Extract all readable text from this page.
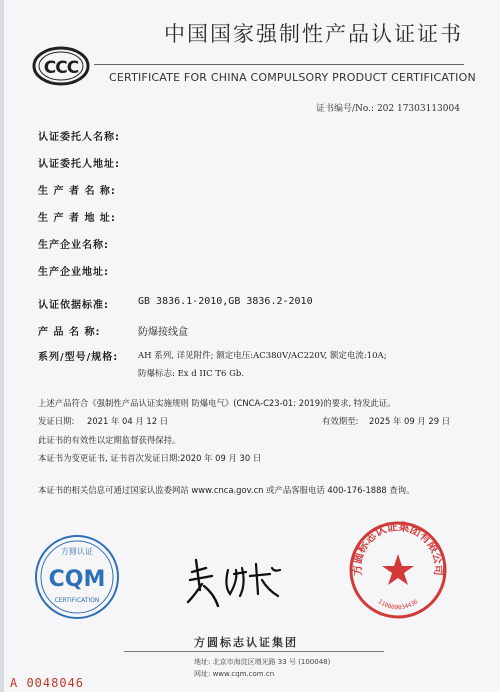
CCC
中国国家强制性产品认证证书
CERTIFICATE FOR CHINA COMPULSORY PRODUCT CERTIFICATION
证书编号/No.: 202 17303113004
认证委托人名称:
认证委托人地址:
生 产 者 名 称:
生 产 者 地 址:
生产企业名称:
生产企业地址:
认证依据标准:	GB 3836.1-2010,GB 3836.2-2010
产 品 名 称:	防爆接线盒
系列/型号/规格: AH 系列, 详见附件; 额定电压:AC380V/AC220V, 额定电流:10A;
防爆标志: Ex d IIC T6 Gb.
上述产品符合《强制性产品认证实施规则 防爆电气》(CNCA-C23-01: 2019)的要求, 特发此证。
发证日期: 2021 年 04 月 12 日	有效期至: 2025 年 09 月 29 日
此证书的有效性以定期监督获得保持。
本证书为变更证书, 证书首次发证日期:2020 年 09 月 30 日
本证书的相关信息可通过国家认监委网站 www.cnca.gov.cn 或产品客服电话 400-176-1888 查询。
方圆认证
CQM
CERTIFICATION
方圆标志认证集团有限公司
110000034436
方圆标志认证集团
地址: 北京市海淀区增光路 33 号 (100048)
网址: www.cqm.com.cn
A 0048046
